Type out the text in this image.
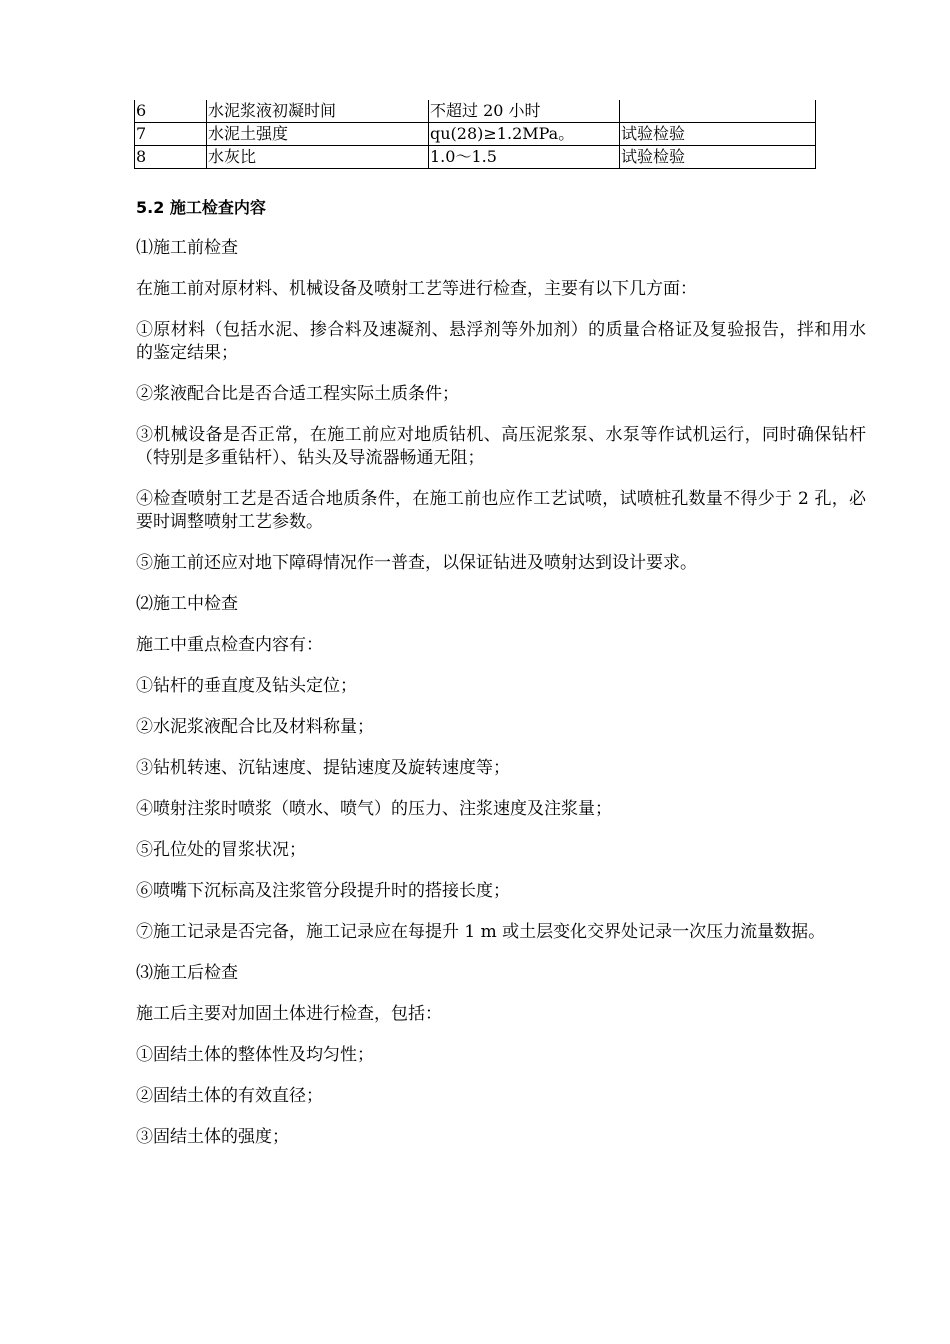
6	水泥浆液初凝时间	不超过 20 小时	
7	水泥土强度	qu(28)≥1.2MPa。	试验检验
8	水灰比	1.0～1.5	试验检验
5.2 施工检查内容
⑴施工前检查
在施工前对原材料、机械设备及喷射工艺等进行检查，主要有以下几方面：
①原材料（包括水泥、掺合料及速凝剂、悬浮剂等外加剂）的质量合格证及复验报告，拌和用水的鉴定结果；
②浆液配合比是否合适工程实际土质条件；
③机械设备是否正常，在施工前应对地质钻机、高压泥浆泵、水泵等作试机运行，同时确保钻杆（特别是多重钻杆）、钻头及导流器畅通无阻；
④检查喷射工艺是否适合地质条件，在施工前也应作工艺试喷，试喷桩孔数量不得少于 2 孔，必要时调整喷射工艺参数。
⑤施工前还应对地下障碍情况作一普查，以保证钻进及喷射达到设计要求。
⑵施工中检查
施工中重点检查内容有：
①钻杆的垂直度及钻头定位；
②水泥浆液配合比及材料称量；
③钻机转速、沉钻速度、提钻速度及旋转速度等；
④喷射注浆时喷浆（喷水、喷气）的压力、注浆速度及注浆量；
⑤孔位处的冒浆状况；
⑥喷嘴下沉标高及注浆管分段提升时的搭接长度；
⑦施工记录是否完备，施工记录应在每提升 1 m 或土层变化交界处记录一次压力流量数据。
⑶施工后检查
施工后主要对加固土体进行检查，包括：
①固结土体的整体性及均匀性；
②固结土体的有效直径；
③固结土体的强度；
